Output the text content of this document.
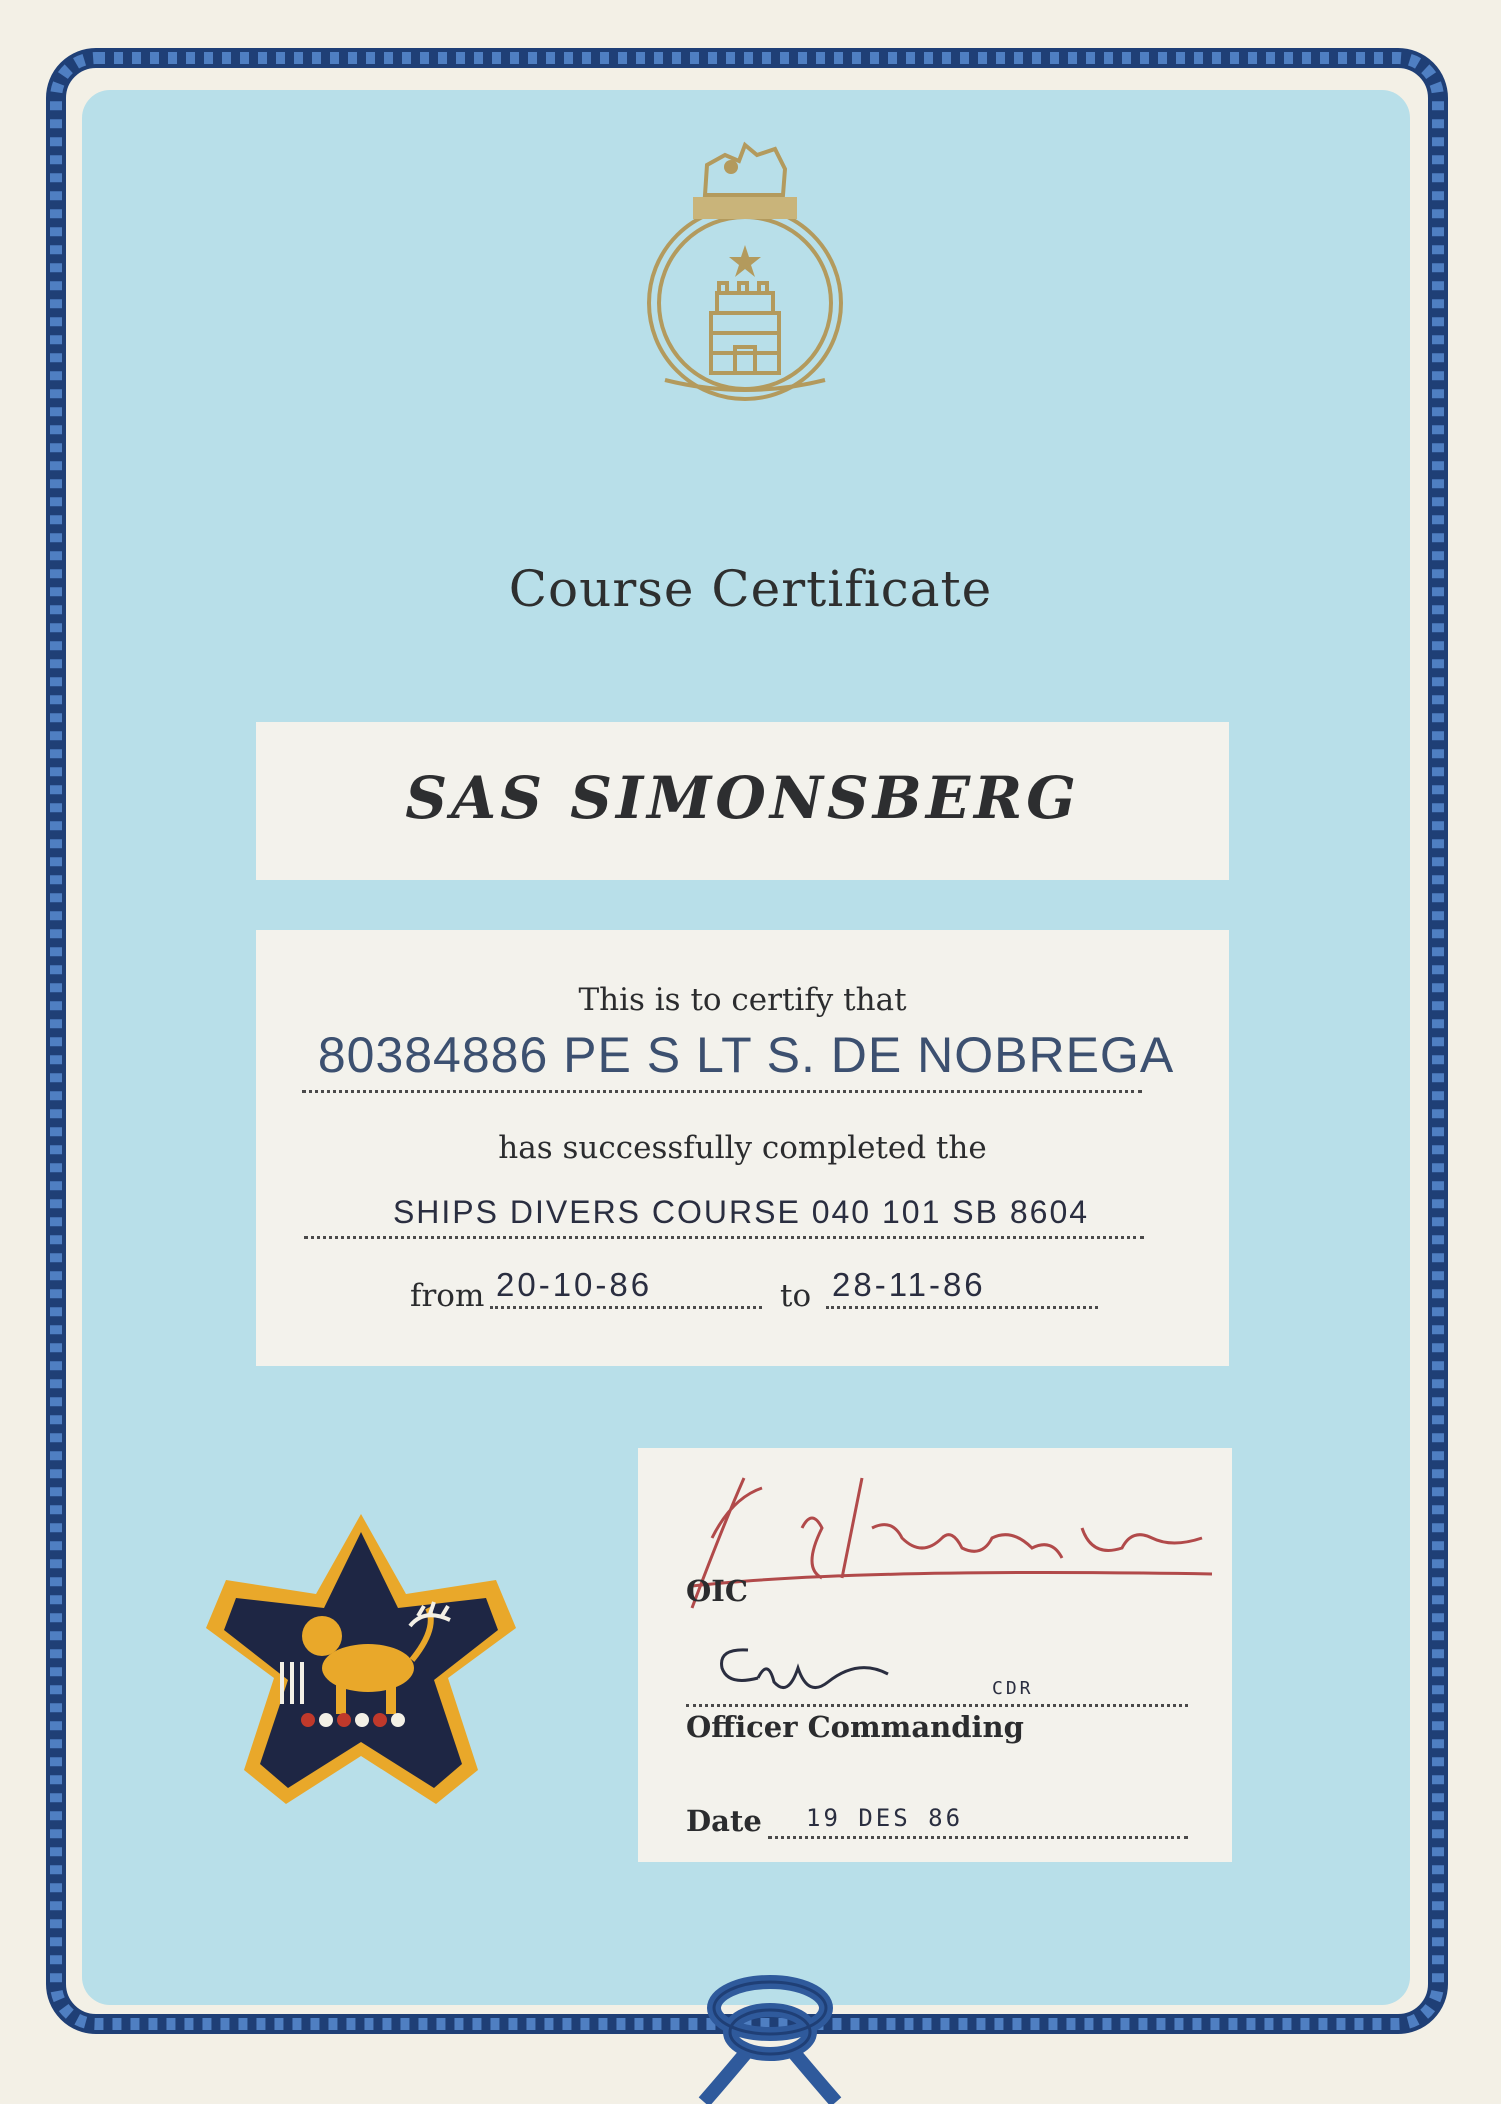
Course Certificate
SAS SIMONSBERG
This is to certify that
80384886 PE S LT S. DE NOBREGA
has successfully completed the
SHIPS DIVERS COURSE 040 101 SB 8604
from 20-10-86	to 28-11-86
OIC
CDR
Officer Commanding
Date 19 DES 86
